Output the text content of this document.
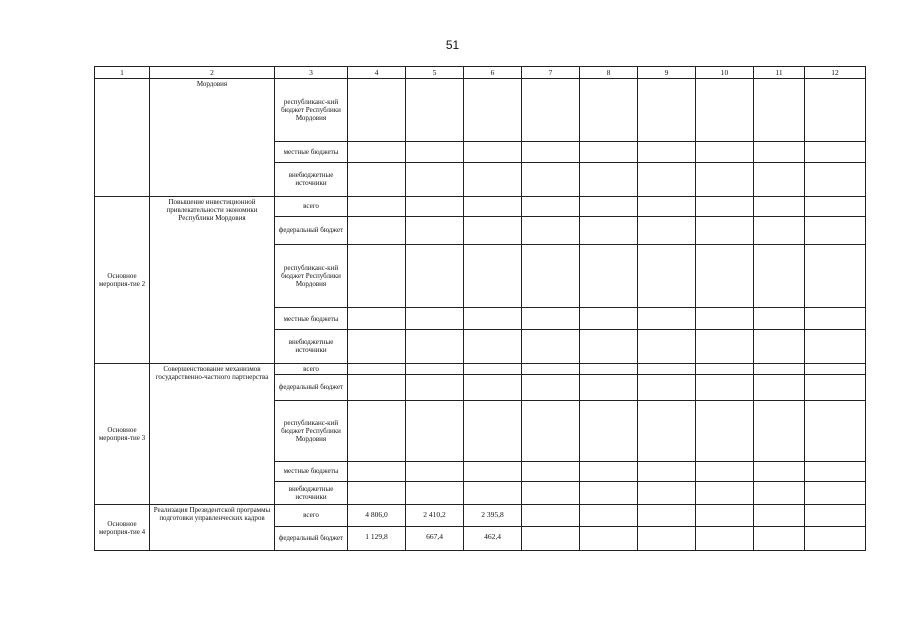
51
1	2	3	4	5	6	7	8	9	10	11	12
	Мордовия	республиканс-кий бюджет Республики Мордовия									
		местные бюджеты									
		внебюджетные источники									
Основное мероприя-тие 2	Повышение инвестиционной привлекательности экономики Республики Мордовия	всего									
		федеральный бюджет									
		республиканс-кий бюджет Республики Мордовия									
		местные бюджеты									
		внебюджетные источники									
Основное мероприя-тие 3	Совершенствование механизмов государственно-частного партнерства	всего									
		федеральный бюджет									
		республиканс-кий бюджет Республики Мордовия									
		местные бюджеты									
		внебюджетные источники									
Основное мероприя-тие 4	Реализация Президентской программы подготовки управленческих кадров	всего	4 806,0	2 410,2	2 395,8						
		федеральный бюджет	1 129,8	667,4	462,4						
